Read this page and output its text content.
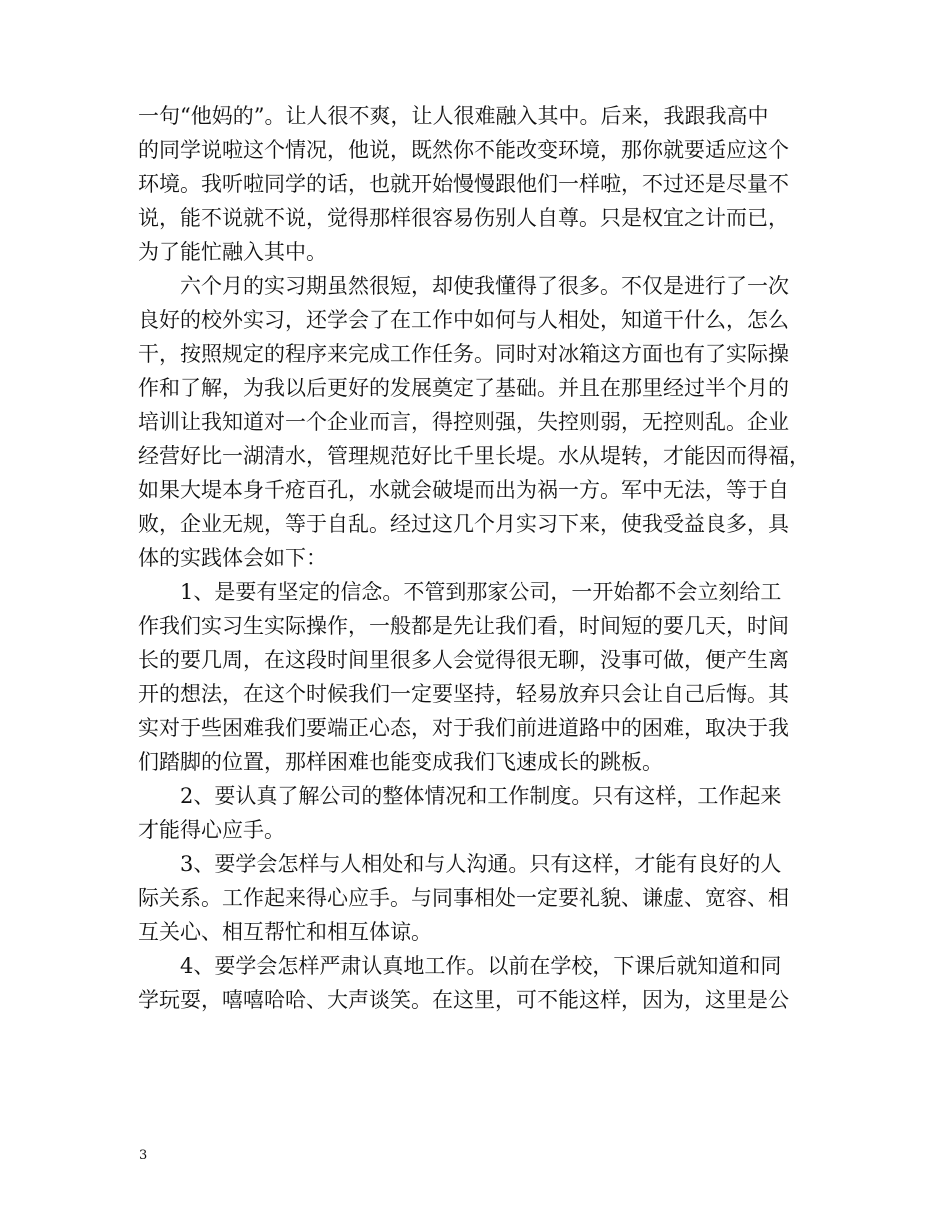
一句“他妈的”。让人很不爽，让人很难融入其中。后来，我跟我高中
的同学说啦这个情况，他说，既然你不能改变环境，那你就要适应这个
环境。我听啦同学的话，也就开始慢慢跟他们一样啦，不过还是尽量不
说，能不说就不说，觉得那样很容易伤别人自尊。只是权宜之计而已，
为了能忙融入其中。
六个月的实习期虽然很短，却使我懂得了很多。不仅是进行了一次
良好的校外实习，还学会了在工作中如何与人相处，知道干什么，怎么
干，按照规定的程序来完成工作任务。同时对冰箱这方面也有了实际操
作和了解，为我以后更好的发展奠定了基础。并且在那里经过半个月的
培训让我知道对一个企业而言，得控则强，失控则弱，无控则乱。企业
经营好比一湖清水，管理规范好比千里长堤。水从堤转，才能因而得福，
如果大堤本身千疮百孔，水就会破堤而出为祸一方。军中无法，等于自
败，企业无规，等于自乱。经过这几个月实习下来，使我受益良多，具
体的实践体会如下：
1、是要有坚定的信念。不管到那家公司，一开始都不会立刻给工
作我们实习生实际操作，一般都是先让我们看，时间短的要几天，时间
长的要几周，在这段时间里很多人会觉得很无聊，没事可做，便产生离
开的想法，在这个时候我们一定要坚持，轻易放弃只会让自己后悔。其
实对于些困难我们要端正心态，对于我们前进道路中的困难，取决于我
们踏脚的位置，那样困难也能变成我们飞速成长的跳板。
2、要认真了解公司的整体情况和工作制度。只有这样，工作起来
才能得心应手。
3、要学会怎样与人相处和与人沟通。只有这样，才能有良好的人
际关系。工作起来得心应手。与同事相处一定要礼貌、谦虚、宽容、相
互关心、相互帮忙和相互体谅。
4、要学会怎样严肃认真地工作。以前在学校，下课后就知道和同
学玩耍，嘻嘻哈哈、大声谈笑。在这里，可不能这样，因为，这里是公
3
